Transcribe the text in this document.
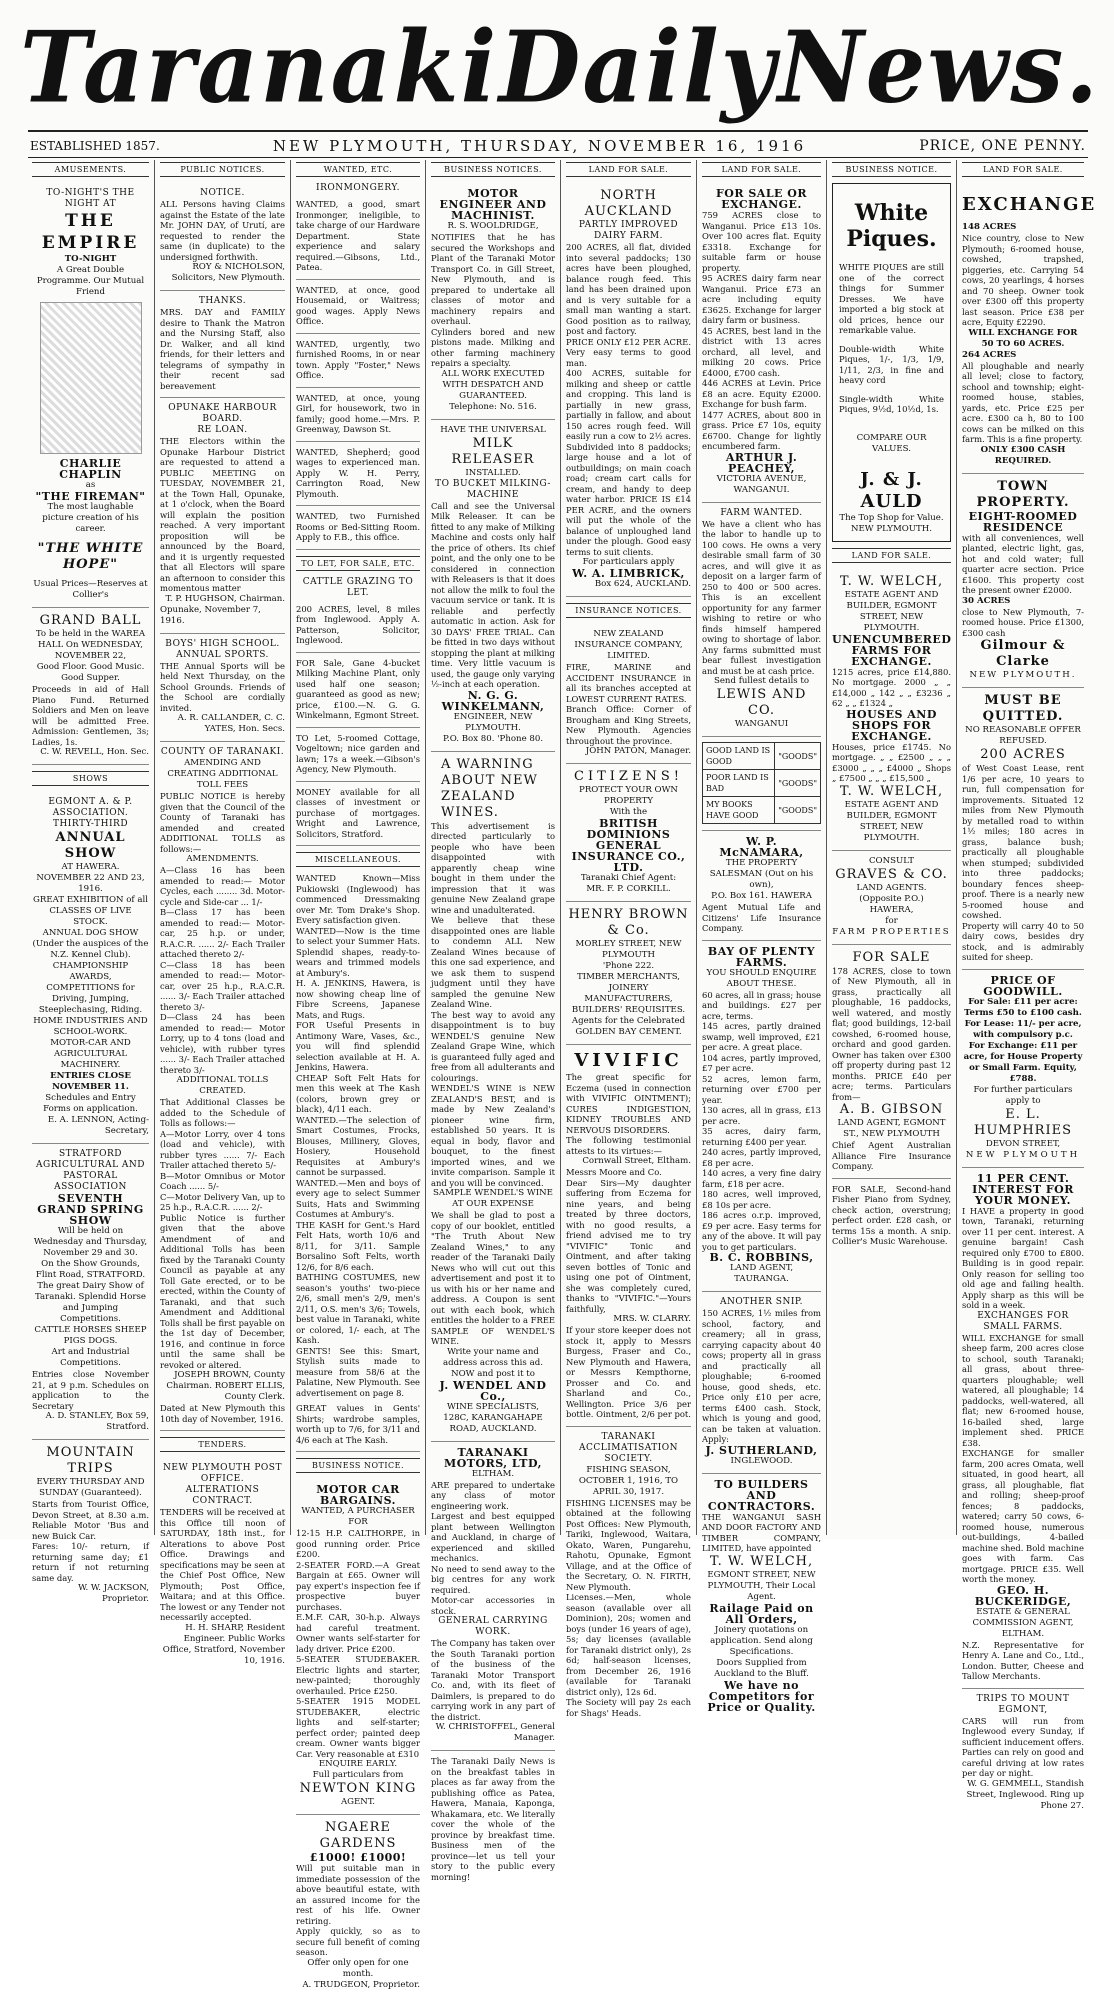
Taranaki Daily News.
ESTABLISHED 1857.	NEW PLYMOUTH, THURSDAY, NOVEMBER 16, 1916	PRICE, ONE PENNY.
AMUSEMENTS.
TO-NIGHT'S THE NIGHT AT
THE EMPIRE
TO-NIGHT
A Great Double Programme. Our Mutual Friend
CHARLIE CHAPLIN
as
"THE FIREMAN"
The most laughable picture creation of his career.
"THE WHITE HOPE"
Usual Prices—Reserves at Collier's
GRAND BALL
To be held in the WAREA HALL On WEDNESDAY, NOVEMBER 22,
Good Floor. Good Music. Good Supper.
Proceeds in aid of Hall Piano Fund. Returned Soldiers and Men on leave will be admitted Free. Admission: Gentlemen, 3s; Ladies, 1s.
C. W. REVELL, Hon. Sec.
SHOWS
EGMONT A. & P. ASSOCIATION.
THIRTY-THIRD
ANNUAL SHOW
AT HAWERA.
NOVEMBER 22 AND 23, 1916.
GREAT EXHIBITION of all CLASSES OF LIVE STOCK.
ANNUAL DOG SHOW (Under the auspices of the N.Z. Kennel Club).
CHAMPIONSHIP AWARDS, COMPETITIONS for Driving, Jumping, Steeplechasing, Riding.
HOME INDUSTRIES AND SCHOOL-WORK.
MOTOR-CAR AND AGRICULTURAL MACHINERY.
ENTRIES CLOSE NOVEMBER 11.
Schedules and Entry Forms on application.
E. A. LENNON, Acting-Secretary,
STRATFORD AGRICULTURAL AND PASTORAL ASSOCIATION
SEVENTH GRAND SPRING SHOW
Will be held on Wednesday and Thursday, November 29 and 30.
On the Show Grounds, Flint Road, STRATFORD.
The great Dairy Show of Taranaki. Splendid Horse and Jumping Competitions.
CATTLE HORSES SHEEP PIGS DOGS.
Art and Industrial Competitions.
Entries close November 21, at 9 p.m. Schedules on application to the Secretary
A. D. STANLEY, Box 59, Stratford.
MOUNTAIN TRIPS
EVERY THURSDAY AND SUNDAY (Guaranteed).
Starts from Tourist Office, Devon Street, at 8.30 a.m. Reliable Motor 'Bus and new Buick Car.
Fares: 10/- return, if returning same day; £1 return if not returning same day.
W. W. JACKSON, Proprietor.
PUBLIC NOTICES.
NOTICE.
ALL Persons having Claims against the Estate of the late Mr. JOHN DAY, of Urutí, are requested to render the same (in duplicate) to the undersigned forthwith.
ROY & NICHOLSON, Solicitors, New Plymouth.
THANKS.
MRS. DAY and FAMILY desire to Thank the Matron and the Nursing Staff, also Dr. Walker, and all kind friends, for their letters and telegrams of sympathy in their recent sad bereavement
OPUNAKE HARBOUR BOARD.
RE LOAN.
THE Electors within the Opunake Harbour District are requested to attend a PUBLIC MEETING on TUESDAY, NOVEMBER 21, at the Town Hall, Opunake, at 1 o'clock, when the Board will explain the position reached. A very important proposition will be announced by the Board, and it is urgently requested that all Electors will spare an afternoon to consider this momentous matter
T. P. HUGHSON, Chairman.
Opunake, November 7, 1916.
BOYS' HIGH SCHOOL.
ANNUAL SPORTS.
THE Annual Sports will be held Next Thursday, on the School Grounds. Friends of the School are cordially invited.
A. R. CALLANDER, C. C. YATES, Hon. Secs.
COUNTY OF TARANAKI.
AMENDING AND CREATING ADDITIONAL TOLL FEES
PUBLIC NOTICE is hereby given that the Council of the County of Taranaki has amended and created ADDITIONAL TOLLS as follows:—
AMENDMENTS.
A—Class 16 has been amended to read:— Motor Cycles, each ........ 3d. Motor-cycle and Side-car ... 1/-
B—Class 17 has been amended to read:— Motor-car, 25 h.p. or under, R.A.C.R. ...... 2/- Each Trailer attached thereto 2/-
C—Class 18 has been amended to read:— Motor-car, over 25 h.p., R.A.C.R. ...... 3/- Each Trailer attached thereto 3/-
D—Class 24 has been amended to read:— Motor Lorry, up to 4 tons (load and vehicle), with rubber tyres ...... 3/- Each Trailer attached thereto 3/-
ADDITIONAL TOLLS CREATED.
That Additional Classes be added to the Schedule of Tolls as follows:—
A—Motor Lorry, over 4 tons (load and vehicle), with rubber tyres ...... 7/- Each Trailer attached thereto 5/-
B—Motor Omnibus or Motor Coach ...... 5/-
C—Motor Delivery Van, up to 25 h.p., R.A.C.R. ...... 2/-
Public Notice is further given that the above Amendment of and Additional Tolls has been fixed by the Taranaki County Council as payable at any Toll Gate erected, or to be erected, within the County of Taranaki, and that such Amendment and Additional Tolls shall be first payable on the 1st day of December, 1916, and continue in force until the same shall be revoked or altered.
JOSEPH BROWN, County Chairman. ROBERT ELLIS, County Clerk.
Dated at New Plymouth this 10th day of November, 1916.
TENDERS.
NEW PLYMOUTH POST OFFICE.
ALTERATIONS CONTRACT.
TENDERS will be received at this Office till noon of SATURDAY, 18th inst., for Alterations to above Post Office. Drawings and specifications may be seen at the Chief Post Office, New Plymouth; Post Office, Waitara; and at this Office. The lowest or any Tender not necessarily accepted.
H. H. SHARP, Resident Engineer. Public Works Office, Stratford, November 10, 1916.
WANTED, ETC.
IRONMONGERY.
WANTED, a good, smart Ironmonger, ineligible, to take charge of our Hardware Department. State experience and salary required.—Gibsons, Ltd., Patea.
WANTED, at once, good Housemaid, or Waitress; good wages. Apply News Office.
WANTED, urgently, two furnished Rooms, in or near town. Apply "Foster," News Office.
WANTED, at once, young Girl, for housework, two in family; good home.—Mrs. P. Greenway, Dawson St.
WANTED, Shepherd; good wages to experienced man. Apply W. H. Perry, Carrington Road, New Plymouth.
WANTED, two Furnished Rooms or Bed-Sitting Room. Apply to F.B., this office.
TO LET, FOR SALE, ETC.
CATTLE GRAZING TO LET.
200 ACRES, level, 8 miles from Inglewood. Apply A. Patterson, Solicitor, Inglewood.
FOR Sale, Gane 4-bucket Milking Machine Plant, only used half one season; guaranteed as good as new; price, £100.—N. G. G. Winkelmann, Egmont Street.
TO Let, 5-roomed Cottage, Vogeltown; nice garden and lawn; 17s a week.—Gibson's Agency, New Plymouth.
MONEY available for all classes of investment or purchase of mortgages. Wright and Lawrence, Solicitors, Stratford.
MISCELLANEOUS.
WANTED Known—Miss Pukiowski (Inglewood) has commenced Dressmaking over Mr. Tom Drake's Shop. Every satisfaction given.
WANTED—Now is the time to select your Summer Hats. Splendid shapes, ready-to-wears and trimmed models at Ambury's.
H. A. JENKINS, Hawera, is now showing cheap line of Fibre Screens, Japanese Mats, and Rugs.
FOR Useful Presents in Antimony Ware, Vases, &c., you will find splendid selection available at H. A. Jenkins, Hawera.
CHEAP Soft Felt Hats for men this week at The Kash (colors, brown grey or black), 4/11 each.
WANTED.—The selection of Smart Costumes, Frocks, Blouses, Millinery, Gloves, Hosiery, Household Requisites at Ambury's cannot be surpassed.
WANTED.—Men and boys of every age to select Summer Suits, Hats and Swimming Costumes at Ambury's.
THE KASH for Gent.'s Hard Felt Hats, worth 10/6 and 8/11, for 3/11. Sample Borsalino Soft Felts, worth 12/6, for 8/6 each.
BATHING COSTUMES, new season's youths' two-piece 2/6, small men's 2/9, men's 2/11, O.S. men's 3/6; Towels, best value in Taranaki, white or colored, 1/- each, at The Kash.
GENTS! See this: Smart, Stylish suits made to measure from 58/6 at the Palatine, New Plymouth. See advertisement on page 8.
GREAT values in Gents' Shirts; wardrobe samples, worth up to 7/6, for 3/11 and 4/6 each at The Kash.
BUSINESS NOTICE.
MOTOR CAR BARGAINS.
WANTED, A PURCHASER FOR
12-15 H.P. CALTHORPE, in good running order. Price £200.
2-SEATER FORD.—A Great Bargain at £65. Owner will pay expert's inspection fee if prospective buyer purchases.
E.M.F. CAR, 30-h.p. Always had careful treatment. Owner wants self-starter for lady driver. Price £200.
5-SEATER STUDEBAKER. Electric lights and starter, new-painted; thoroughly overhauled. Price £250.
5-SEATER 1915 MODEL STUDEBAKER, electric lights and self-starter; perfect order; painted deep cream. Owner wants bigger Car. Very reasonable at £310
ENQUIRE EARLY.
Full particulars from
NEWTON KING
AGENT.
NGAERE GARDENS
£1000! £1000!
Will put suitable man in immediate possession of the above beautiful estate, with an assured income for the rest of his life. Owner retiring.
Apply quickly, so as to secure full benefit of coming season.
Offer only open for one month.
A. TRUDGEON, Proprietor.
BUSINESS NOTICES.
MOTOR ENGINEER AND MACHINIST.
R. S. WOOLDRIDGE,
NOTIFIES that he has secured the Workshops and Plant of the Taranaki Motor Transport Co. in Gill Street, New Plymouth, and is prepared to undertake all classes of motor and machinery repairs and overhaul.
Cylinders bored and new pistons made. Milking and other farming machinery repairs a specialty.
ALL WORK EXECUTED WITH DESPATCH AND GUARANTEED.
Telephone: No. 516.
HAVE THE UNIVERSAL
MILK RELEASER
INSTALLED.
TO BUCKET MILKING-MACHINE
Call and see the Universal Milk Releaser. It can be fitted to any make of Milking Machine and costs only half the price of others. Its chief point, and the only one to be considered in connection with Releasers is that it does not allow the milk to foul the vacuum service or tank. It is reliable and perfectly automatic in action. Ask for 30 DAYS' FREE TRIAL. Can be fitted in two days without stopping the plant at milking time. Very little vacuum is used, the gauge only varying ½-inch at each operation.
N. G. G. WINKELMANN,
ENGINEER, NEW PLYMOUTH.
P.O. Box 80. 'Phone 80.
A WARNING ABOUT NEW ZEALAND WINES.
This advertisement is directed particularly to people who have been disappointed with apparently cheap wine bought in them under the impression that it was genuine New Zealand grape wine and unadulterated.
We believe that these disappointed ones are liable to condemn ALL New Zealand Wines because of this one sad experience, and we ask them to suspend judgment until they have sampled the genuine New Zealand Wine.
The best way to avoid any disappointment is to buy WENDEL'S genuine New Zealand Grape Wine, which is guaranteed fully aged and free from all adulterants and colourings.
WENDEL'S WINE is NEW ZEALAND'S BEST, and is made by New Zealand's pioneer wine firm, established 50 years. It is equal in body, flavor and bouquet, to the finest imported wines, and we invite comparison. Sample it and you will be convinced.
SAMPLE WENDEL'S WINE AT OUR EXPENSE
We shall be glad to post a copy of our booklet, entitled "The Truth About New Zealand Wines," to any reader of the Taranaki Daily News who will cut out this advertisement and post it to us with his or her name and address. A Coupon is sent out with each book, which entitles the holder to a FREE SAMPLE OF WENDEL'S WINE.
Write your name and address across this ad. NOW and post it to
J. WENDEL AND Co.,
WINE SPECIALISTS,
128C, KARANGAHAPE ROAD, AUCKLAND.
TARANAKI MOTORS, LTD,
ELTHAM.
ARE prepared to undertake any class of motor engineering work.
Largest and best equipped plant between Wellington and Auckland, in charge of experienced and skilled mechanics.
No need to send away to the big centres for any work required.
Motor-car accessories in stock.
GENERAL CARRYING WORK.
The Company has taken over the South Taranaki portion of the business of the Taranaki Motor Transport Co. and, with its fleet of Daimlers, is prepared to do carrying work in any part of the district.
W. CHRISTOFFEL, General Manager.
The Taranaki Daily News is on the breakfast tables in places as far away from the publishing office as Patea, Hawera, Manaia, Kaponga, Whakamara, etc. We literally cover the whole of the province by breakfast time. Business men of the province—let us tell your story to the public every morning!
LAND FOR SALE.
NORTH AUCKLAND
PARTLY IMPROVED DAIRY FARM.
200 ACRES, all flat, divided into several paddocks; 130 acres have been ploughed, balance rough feed. This land has been drained upon and is very suitable for a small man wanting a start. Good position as to railway, post and factory.
PRICE ONLY £12 PER ACRE. Very easy terms to good man.
400 ACRES, suitable for milking and sheep or cattle and cropping. This land is partially in new grass, partially in fallow, and about 150 acres rough feed. Will easily run a cow to 2½ acres. Subdivided into 8 paddocks; large house and a lot of outbuildings; on main coach road; cream cart calls for cream, and handy to deep water harbor. PRICE IS £14 PER ACRE, and the owners will put the whole of the balance of unploughed land under the plough. Good easy terms to suit clients.
For particulars apply
W. A. LIMBRICK,
Box 624, AUCKLAND.
INSURANCE NOTICES.
NEW ZEALAND INSURANCE COMPANY, LIMITED.
FIRE, MARINE and ACCIDENT INSURANCE in all its branches accepted at LOWEST CURRENT RATES.
Branch Office: Corner of Brougham and King Streets, New Plymouth. Agencies throughout the province.
JOHN PATON, Manager.
CITIZENS!
PROTECT YOUR OWN PROPERTY
With the
BRITISH DOMINIONS GENERAL INSURANCE CO., LTD.
Taranaki Chief Agent:
MR. F. P. CORKILL.
HENRY BROWN & Co.
MORLEY STREET, NEW PLYMOUTH
'Phone 222.
TIMBER MERCHANTS, JOINERY MANUFACTURERS, BUILDERS' REQUISITES.
Agents for the Celebrated
GOLDEN BAY CEMENT.
VIVIFIC
The great specific for Eczema (used in connection with VIVIFIC OINTMENT); CURES INDIGESTION, KIDNEY TROUBLES AND NERVOUS DISORDERS.
The following testimonial attests to its virtues:—
Cornwall Street, Eltham.
Messrs Moore and Co.
Dear Sirs—My daughter suffering from Eczema for nine years, and being treated by three doctors, with no good results, a friend advised me to try "VIVIFIC" Tonic and Ointment, and after taking seven bottles of Tonic and using one pot of Ointment, she was completely cured, thanks to "VIVIFIC."—Yours faithfully,
MRS. W. CLARRY.
If your store keeper does not stock it, apply to Messrs Burgess, Fraser and Co., New Plymouth and Hawera, or Messrs Kempthorne, Prosser and Co. and Sharland and Co., Wellington. Price 3/6 per bottle. Ointment, 2/6 per pot.
TARANAKI ACCLIMATISATION SOCIETY.
FISHING SEASON, OCTOBER 1, 1916, TO APRIL 30, 1917.
FISHING LICENSES may be obtained at the following Post Offices: New Plymouth, Tariki, Inglewood, Waitara, Okato, Waren, Pungarehu, Rahotu, Opunake, Egmont Village, and at the Office of the Secretary, O. N. FIRTH, New Plymouth.
Licenses.—Men, whole season (available over all Dominion), 20s; women and boys (under 16 years of age), 5s; day licenses (available for Taranaki district only), 2s 6d; half-season licenses, from December 26, 1916 (available for Taranaki district only), 12s 6d.
The Society will pay 2s each for Shags' Heads.
LAND FOR SALE.
FOR SALE OR EXCHANGE.
759 ACRES close to Wanganui. Price £13 10s. Over 100 acres flat. Equity £3318. Exchange for suitable farm or house property.
95 ACRES dairy farm near Wanganui. Price £73 an acre including equity £3625. Exchange for larger dairy farm or business.
45 ACRES, best land in the district with 13 acres orchard, all level, and milking 20 cows. Price £4000, £700 cash.
446 ACRES at Levin. Price £8 an acre. Equity £2000. Exchange for bush farm.
1477 ACRES, about 800 in grass. Price £7 10s, equity £6700. Change for lightly encumbered farm.
ARTHUR J. PEACHEY,
VICTORIA AVENUE, WANGANUI.
FARM WANTED.
We have a client who has the labor to handle up to 100 cows. He owns a very desirable small farm of 30 acres, and will give it as deposit on a larger farm of 250 to 400 or 500 acres. This is an excellent opportunity for any farmer wishing to retire or who finds himself hampered owing to shortage of labor. Any farms submitted must bear fullest investigation and must be at cash price.
Send fullest details to
LEWIS AND CO.
WANGANUI
GOOD LAND IS GOOD	"GOODS"
POOR LAND IS BAD	"GOODS"
MY BOOKS HAVE GOOD	"GOODS"
W. P. McNAMARA,
THE PROPERTY SALESMAN (Out on his own),
P.O. Box 161. HAWERA
Agent Mutual Life and Citizens' Life Insurance Company.
BAY OF PLENTY FARMS.
YOU SHOULD ENQUIRE ABOUT THESE.
60 acres, all in grass; house and buildings. £27 per acre, terms.
145 acres, partly drained swamp, well improved, £21 per acre. A great place.
104 acres, partly improved, £7 per acre.
52 acres, lemon farm, returning over £700 per year.
130 acres, all in grass, £13 per acre.
35 acres, dairy farm, returning £400 per year.
240 acres, partly improved, £8 per acre.
140 acres, a very fine dairy farm, £18 per acre.
180 acres, well improved, £8 10s per acre.
186 acres o.r.p. improved, £9 per acre. Easy terms for any of the above. It will pay you to get particulars.
B. C. ROBBINS,
LAND AGENT, TAURANGA.
ANOTHER SNIP.
150 ACRES, 1½ miles from school, factory, and creamery; all in grass, carrying capacity about 40 cows; property all in grass and practically all ploughable; 6-roomed house, good sheds, etc. Price only £10 per acre, terms £400 cash. Stock, which is young and good, can be taken at valuation. Apply:
J. SUTHERLAND,
INGLEWOOD.
TO BUILDERS AND CONTRACTORS.
THE WANGANUI SASH AND DOOR FACTORY AND TIMBER COMPANY, LIMITED, have appointed
T. W. WELCH,
EGMONT STREET, NEW PLYMOUTH, Their Local Agent.
Railage Paid on All Orders,
Joinery quotations on application. Send along Specifications.
Doors Supplied from Auckland to the Bluff.
We have no Competitors for Price or Quality.
BUSINESS NOTICE.
White Piques.
WHITE PIQUES are still one of the correct things for Summer Dresses. We have imported a big stock at old prices, hence our remarkable value.
Double-width White Piques, 1/-, 1/3, 1/9, 1/11, 2/3, in fine and heavy cord
Single-width White Piques, 9½d, 10½d, 1s.
COMPARE OUR VALUES.
J. & J. AULD
The Top Shop for Value.
NEW PLYMOUTH.
LAND FOR SALE.
T. W. WELCH,
ESTATE AGENT AND BUILDER, EGMONT STREET, NEW PLYMOUTH.
UNENCUMBERED FARMS FOR EXCHANGE.
1215 acres, price £14,880. No mortgage. 2000 „ „ £14,000 „ 142 „ „ £3236 „ 62 „ „ £1324 „
HOUSES AND SHOPS FOR EXCHANGE.
Houses, price £1745. No mortgage. „ „ £2500 „ „ „ £3000 „ „ „ £4000 „ Shops „ £7500 „ „ „ £15,500 „
T. W. WELCH,
ESTATE AGENT AND BUILDER, EGMONT STREET, NEW PLYMOUTH.
CONSULT
GRAVES & CO.
LAND AGENTS.
(Opposite P.O.)
HAWERA,
for
FARM PROPERTIES
FOR SALE
178 ACRES, close to town of New Plymouth, all in grass, practically all ploughable, 16 paddocks, well watered, and mostly flat; good buildings, 12-bail cowshed, 6-roomed house, orchard and good garden. Owner has taken over £300 off property during past 12 months. PRICE £40 per acre; terms. Particulars from—
A. B. GIBSON
LAND AGENT, EGMONT ST., NEW PLYMOUTH
Chief Agent Australian Alliance Fire Insurance Company.
FOR SALE, Second-hand Fisher Piano from Sydney, check action, overstrung; perfect order. £28 cash, or terms 15s a month. A snip. Collier's Music Warehouse.
LAND FOR SALE.
EXCHANGE
148 ACRES
Nice country, close to New Plymouth; 6-roomed house, cowshed, trapshed, piggeries, etc. Carrying 54 cows, 20 yearlings, 4 horses and 70 sheep. Owner took over £300 off this property last season. Price £38 per acre, Equity £2290.
WILL EXCHANGE FOR 50 TO 60 ACRES.
264 ACRES
All ploughable and nearly all level; close to factory, school and township; eight-roomed house, stables, yards, etc. Price £25 per acre. £300 ca h, 80 to 100 cows can be milked on this farm. This is a fine property.
ONLY £300 CASH REQUIRED.
TOWN PROPERTY.
EIGHT-ROOMED RESIDENCE
with all conveniences, well planted, electric light, gas, hot and cold water; full quarter acre section. Price £1600. This property cost the present owner £2000.
30 ACRES
close to New Plymouth, 7-roomed house. Price £1300, £300 cash
Gilmour & Clarke
NEW PLYMOUTH.
MUST BE QUITTED.
NO REASONABLE OFFER REFUSED.
200 ACRES
of West Coast Lease, rent 1/6 per acre, 10 years to run, full compensation for improvements. Situated 12 miles from New Plymouth by metalled road to within 1½ miles; 180 acres in grass, balance bush; practically all ploughable when stumped; subdivided into three paddocks; boundary fences sheep-proof. There is a nearly new 5-roomed house and cowshed.
Property will carry 40 to 50 dairy cows, besides dry stock, and is admirably suited for sheep.
PRICE OF GOODWILL.
For Sale: £11 per acre: Terms £50 to £100 cash.
For Lease: 11/- per acre, with compulsory p.c.
For Exchange: £11 per acre, for House Property or Small Farm. Equity, £788.
For further particulars apply to
E. L. HUMPHRIES
DEVON STREET,
NEW PLYMOUTH
11 PER CENT. INTEREST FOR YOUR MONEY.
I HAVE a property in good town, Taranaki, returning over 11 per cent. interest. A genuine bargain! Cash required only £700 to £800. Building is in good repair. Only reason for selling too old age and failing health. Apply sharp as this will be sold in a week.
EXCHANGES FOR SMALL FARMS.
WILL EXCHANGE for small sheep farm, 200 acres close to school, south Taranaki; all grass, about three-quarters ploughable; well watered, all ploughable; 14 paddocks, well-watered, all flat; new 6-roomed house, 16-bailed shed, large implement shed. PRICE £38.
EXCHANGE for smaller farm, 200 acres Omata, well situated, in good heart, all grass, all ploughable, flat and rolling; sheep-proof fences; 8 paddocks, watered; carry 50 cows, 6-roomed house, numerous out-buildings, 4-bailed machine shed. Bold machine goes with farm. Cas mortgage. PRICE £35. Well worth the money.
GEO. H. BUCKERIDGE,
ESTATE & GENERAL COMMISSION AGENT, ELTHAM.
N.Z. Representative for Henry A. Lane and Co., Ltd., London. Butter, Cheese and Tallow Merchants.
TRIPS TO MOUNT EGMONT,
CARS will run from Inglewood every Sunday, if sufficient inducement offers. Parties can rely on good and careful driving at low rates per day or night.
W. G. GEMMELL, Standish Street, Inglewood. Ring up Phone 27.
